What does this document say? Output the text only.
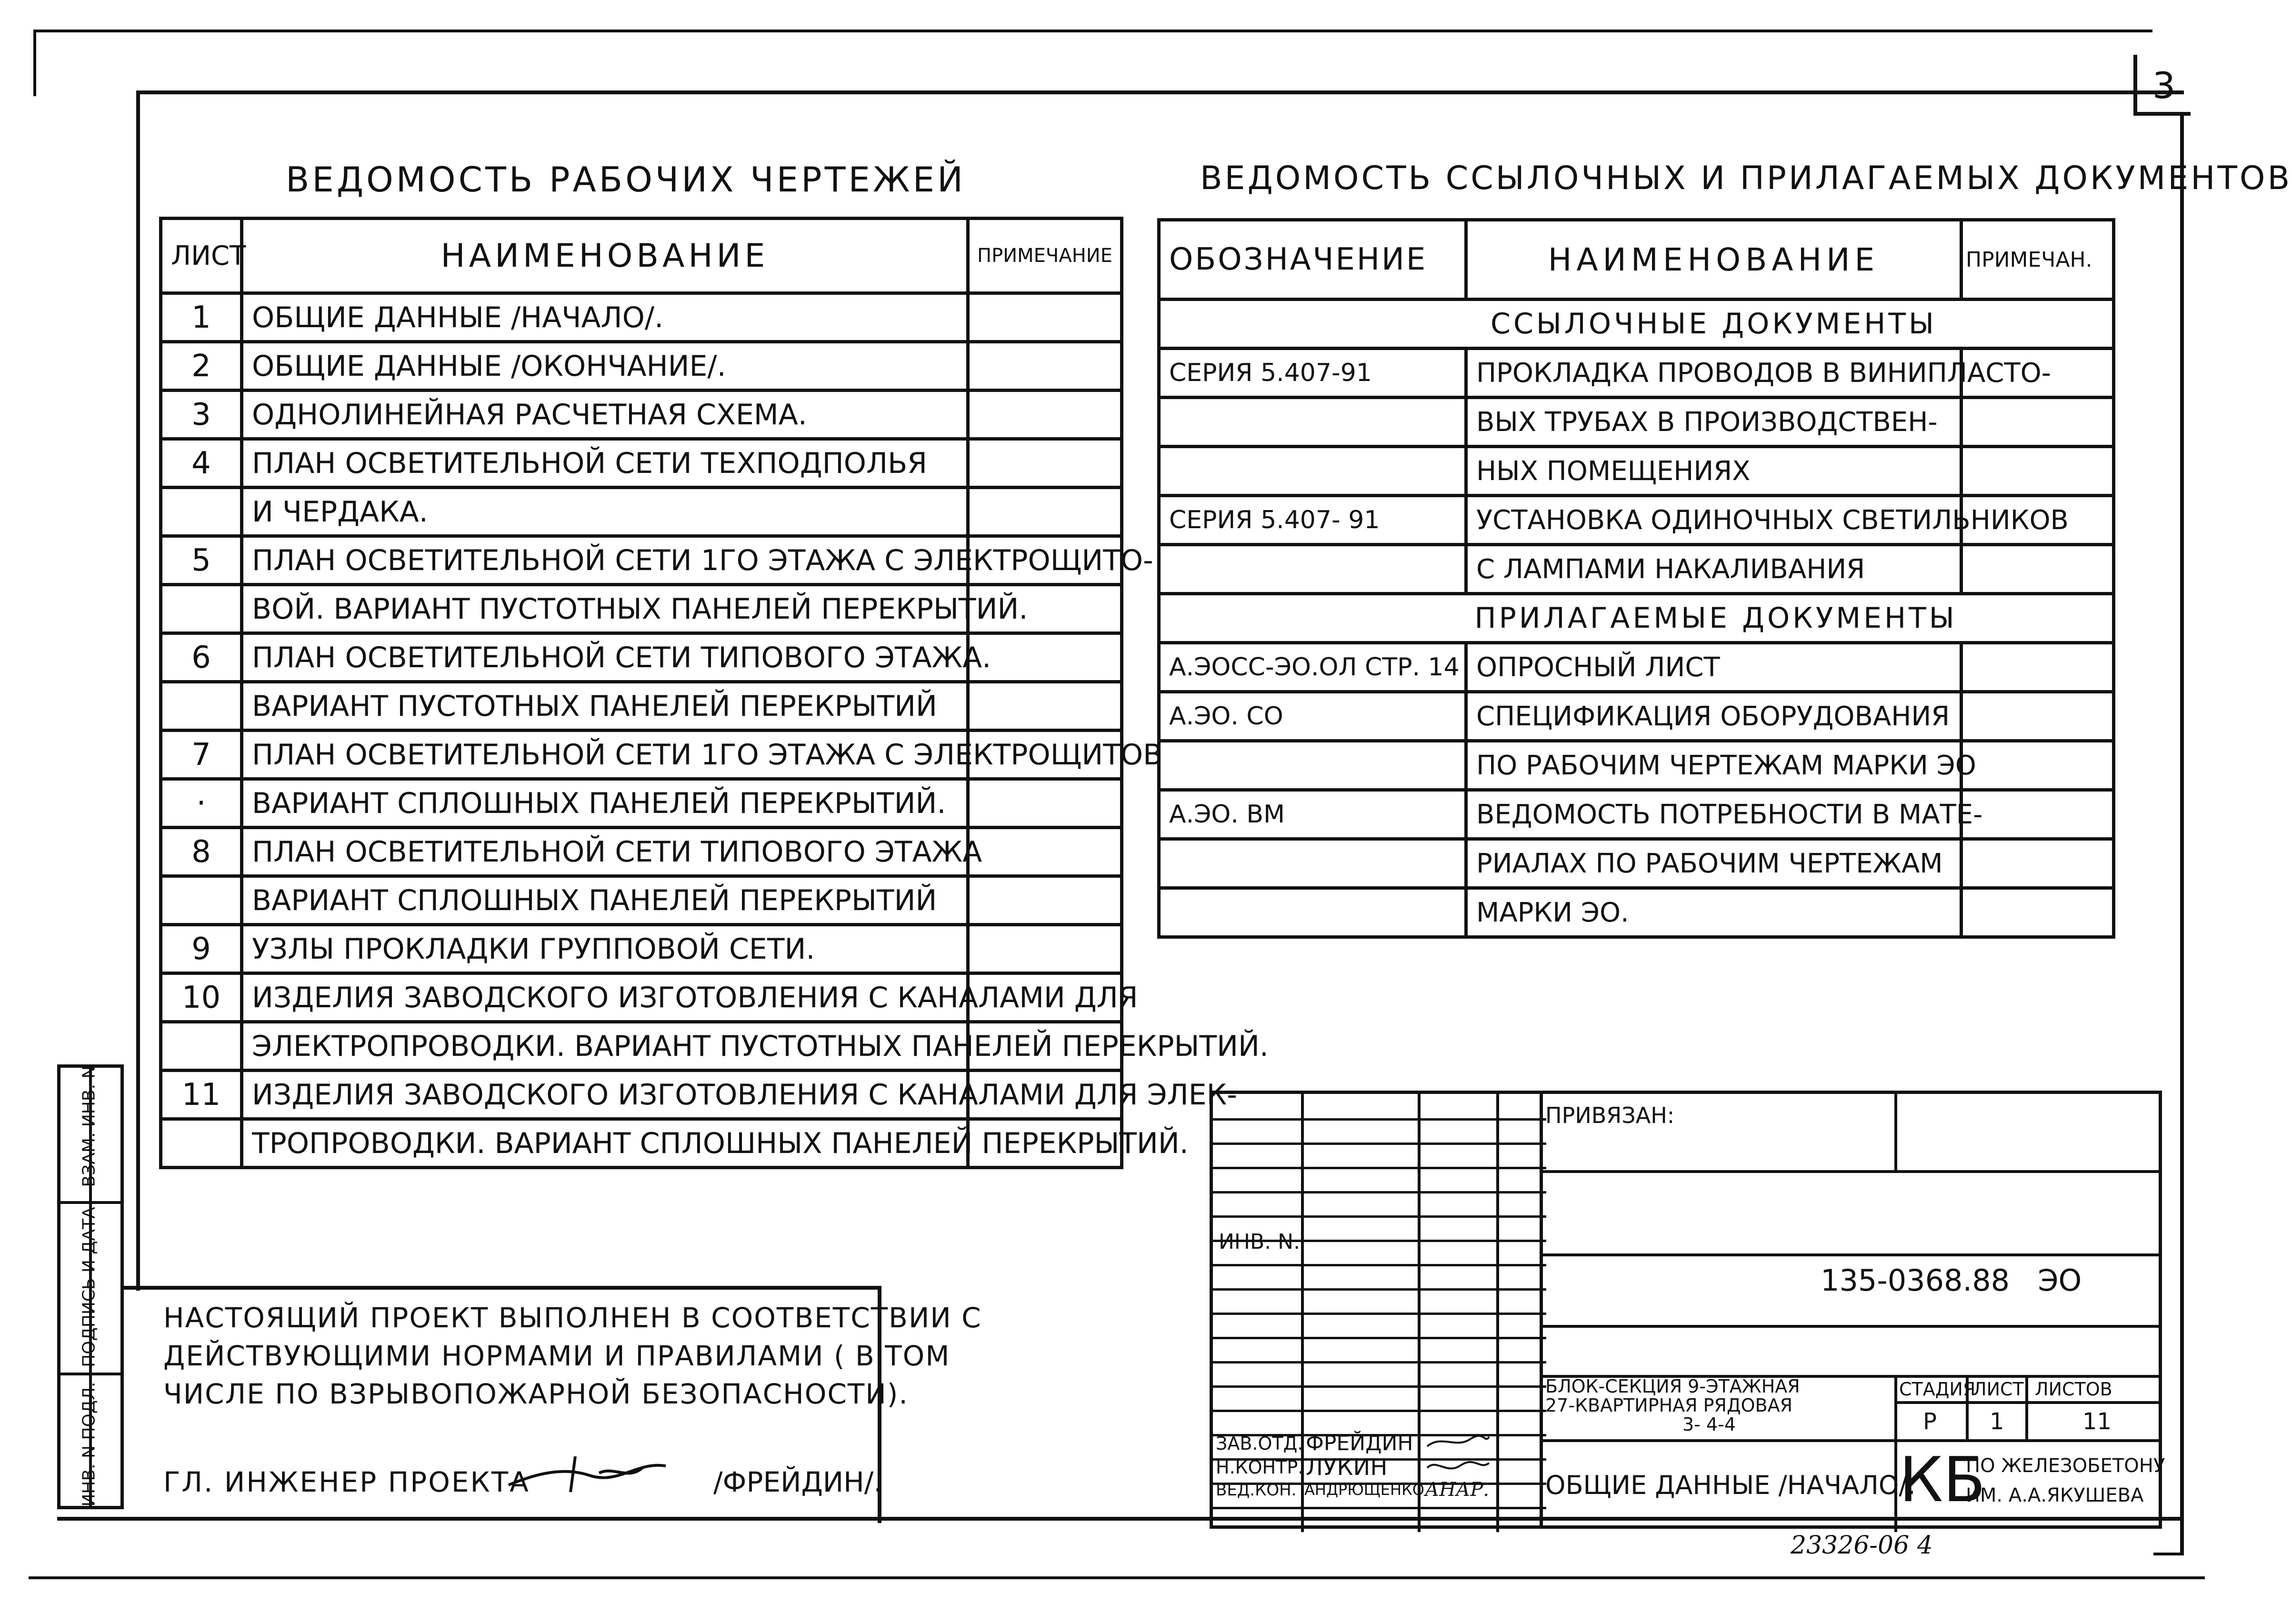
3
ВЕДОМОСТЬ РАБОЧИХ ЧЕРТЕЖЕЙ
ЛИСТ	НАИМЕНОВАНИЕ	ПРИМЕЧАНИЕ
1	ОБЩИЕ ДАННЫЕ /НАЧАЛО/.	
2	ОБЩИЕ ДАННЫЕ /ОКОНЧАНИЕ/.	
3	ОДНОЛИНЕЙНАЯ РАСЧЕТНАЯ СХЕМА.	
4	ПЛАН ОСВЕТИТЕЛЬНОЙ СЕТИ ТЕХПОДПОЛЬЯ	
	И ЧЕРДАКА.	
5	ПЛАН ОСВЕТИТЕЛЬНОЙ СЕТИ 1ГО ЭТАЖА С ЭЛЕКТРОЩИТО-	
	ВОЙ. ВАРИАНТ ПУСТОТНЫХ ПАНЕЛЕЙ ПЕРЕКРЫТИЙ.	
6	ПЛАН ОСВЕТИТЕЛЬНОЙ СЕТИ ТИПОВОГО ЭТАЖА.	
	ВАРИАНТ ПУСТОТНЫХ ПАНЕЛЕЙ ПЕРЕКРЫТИЙ	
7	ПЛАН ОСВЕТИТЕЛЬНОЙ СЕТИ 1ГО ЭТАЖА С ЭЛЕКТРОЩИТОВ	
·	ВАРИАНТ СПЛОШНЫХ ПАНЕЛЕЙ ПЕРЕКРЫТИЙ.	
8	ПЛАН ОСВЕТИТЕЛЬНОЙ СЕТИ ТИПОВОГО ЭТАЖА	
	ВАРИАНТ СПЛОШНЫХ ПАНЕЛЕЙ ПЕРЕКРЫТИЙ	
9	УЗЛЫ ПРОКЛАДКИ ГРУППОВОЙ СЕТИ.	
10	ИЗДЕЛИЯ ЗАВОДСКОГО ИЗГОТОВЛЕНИЯ С КАНАЛАМИ ДЛЯ	
	ЭЛЕКТРОПРОВОДКИ. ВАРИАНТ ПУСТОТНЫХ ПАНЕЛЕЙ ПЕРЕКРЫТИЙ.	
11	ИЗДЕЛИЯ ЗАВОДСКОГО ИЗГОТОВЛЕНИЯ С КАНАЛАМИ ДЛЯ ЭЛЕК-	
	ТРОПРОВОДКИ. ВАРИАНТ СПЛОШНЫХ ПАНЕЛЕЙ ПЕРЕКРЫТИЙ.	
ВЕДОМОСТЬ ССЫЛОЧНЫХ И ПРИЛАГАЕМЫХ ДОКУМЕНТОВ
ОБОЗНАЧЕНИЕ	НАИМЕНОВАНИЕ	ПРИМЕЧАН.
	ССЫЛОЧНЫЕ ДОКУМЕНТЫ	
СЕРИЯ 5.407-91	ПРОКЛАДКА ПРОВОДОВ В ВИНИПЛАСТО-	
	ВЫХ ТРУБАХ В ПРОИЗВОДСТВЕН-	
	НЫХ ПОМЕЩЕНИЯХ	
СЕРИЯ 5.407- 91	УСТАНОВКА ОДИНОЧНЫХ СВЕТИЛЬНИКОВ	
	С ЛАМПАМИ НАКАЛИВАНИЯ	
	ПРИЛАГАЕМЫЕ ДОКУМЕНТЫ	
А.ЭОСС-ЭО.ОЛ СТР. 14	ОПРОСНЫЙ ЛИСТ	
А.ЭО. СО	СПЕЦИФИКАЦИЯ ОБОРУДОВАНИЯ	
	ПО РАБОЧИМ ЧЕРТЕЖАМ МАРКИ ЭО	
А.ЭО. ВМ	ВЕДОМОСТЬ ПОТРЕБНОСТИ В МАТЕ-	
	РИАЛАХ ПО РАБОЧИМ ЧЕРТЕЖАМ	
	МАРКИ ЭО.	
ВЗАМ. ИНВ. N
ПОДПИСЬ И ДАТА
ИНВ. N ПОДЛ.
НАСТОЯЩИЙ ПРОЕКТ ВЫПОЛНЕН В СООТВЕТСТВИИ С
ДЕЙСТВУЮЩИМИ НОРМАМИ И ПРАВИЛАМИ ( В ТОМ
ЧИСЛЕ ПО ВЗРЫВОПОЖАРНОЙ БЕЗОПАСНОСТИ).
ГЛ. ИНЖЕНЕР ПРОЕКТА	/ФРЕЙДИН/.
ИНВ. N.
ЗАВ.ОТД. ФРЕЙДИН
Н.КОНТР. ЛУКИН
ВЕД.КОН. АНДРЮЩЕНКО АНАР.
ПРИВЯЗАН:
135-0368.88   ЭО
БЛОК-СЕКЦИЯ 9-ЭТАЖНАЯ
27-КВАРТИРНАЯ РЯДОВАЯ
3- 4-4
ОБЩИЕ ДАННЫЕ /НАЧАЛО/.
СТАДИЯ
ЛИСТ ЛИСТОВ
Р 1	11
КБ
ПО ЖЕЛЕЗОБЕТОНУ
ИМ. А.А.ЯКУШЕВА
23326-06 4
